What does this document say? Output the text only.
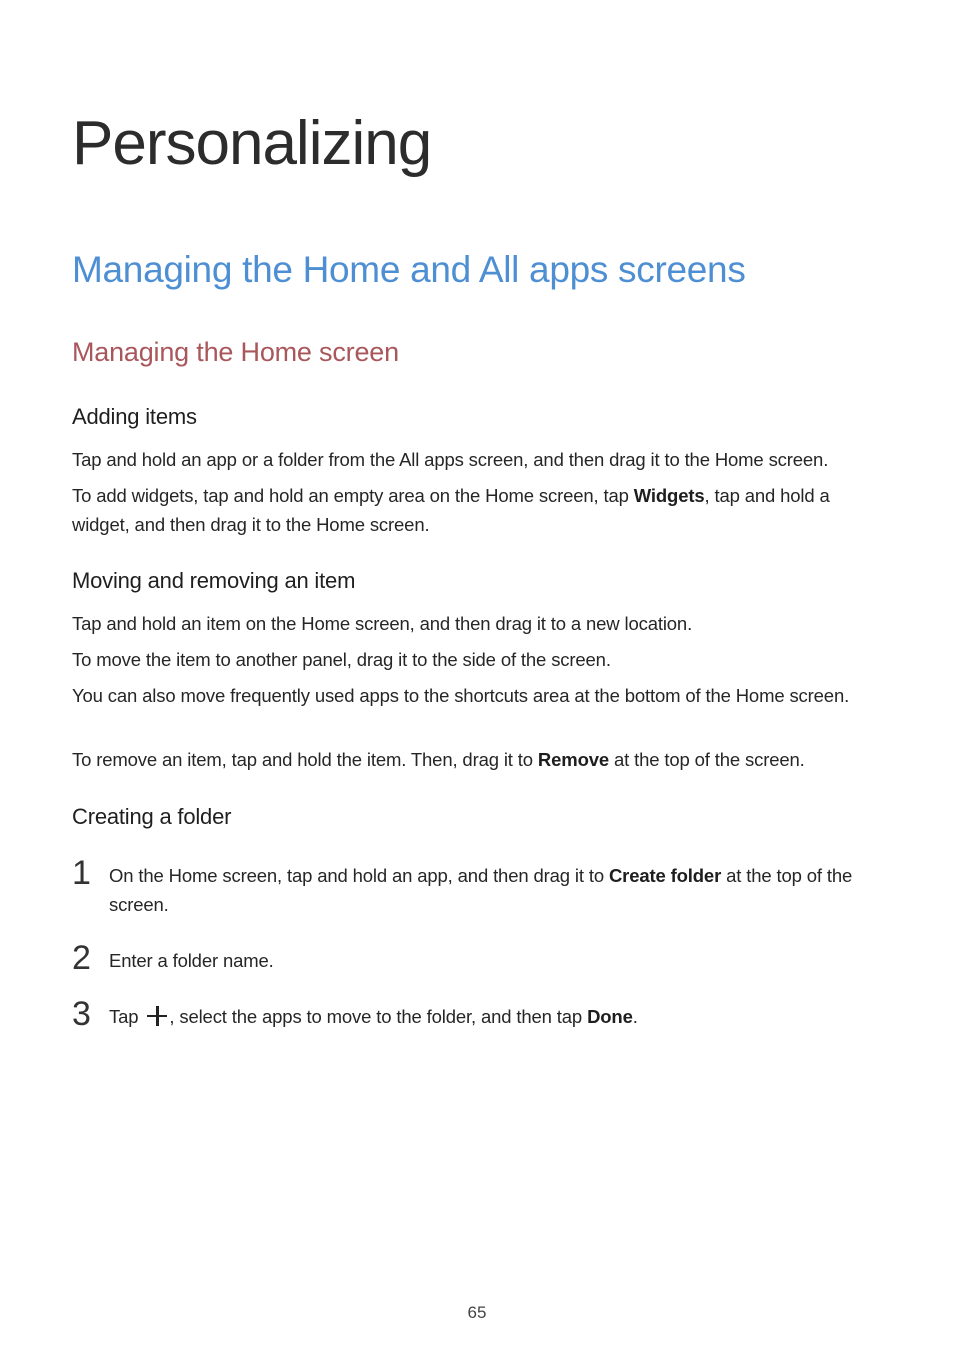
Personalizing
Managing the Home and All apps screens
Managing the Home screen
Adding items

Tap and hold an app or a folder from the All apps screen, and then drag it to the Home screen.

To add widgets, tap and hold an empty area on the Home screen, tap Widgets, tap and hold a widget, and then drag it to the Home screen.

Moving and removing an item

Tap and hold an item on the Home screen, and then drag it to a new location.

To move the item to another panel, drag it to the side of the screen.

You can also move frequently used apps to the shortcuts area at the bottom of the Home screen.

To remove an item, tap and hold the item. Then, drag it to Remove at the top of the screen.

Creating a folder
1 On the Home screen, tap and hold an app, and then drag it to Create folder at the top of the screen.

2 Enter a folder name.

3 Tap , select the apps to move to the folder, and then tap Done.

65
